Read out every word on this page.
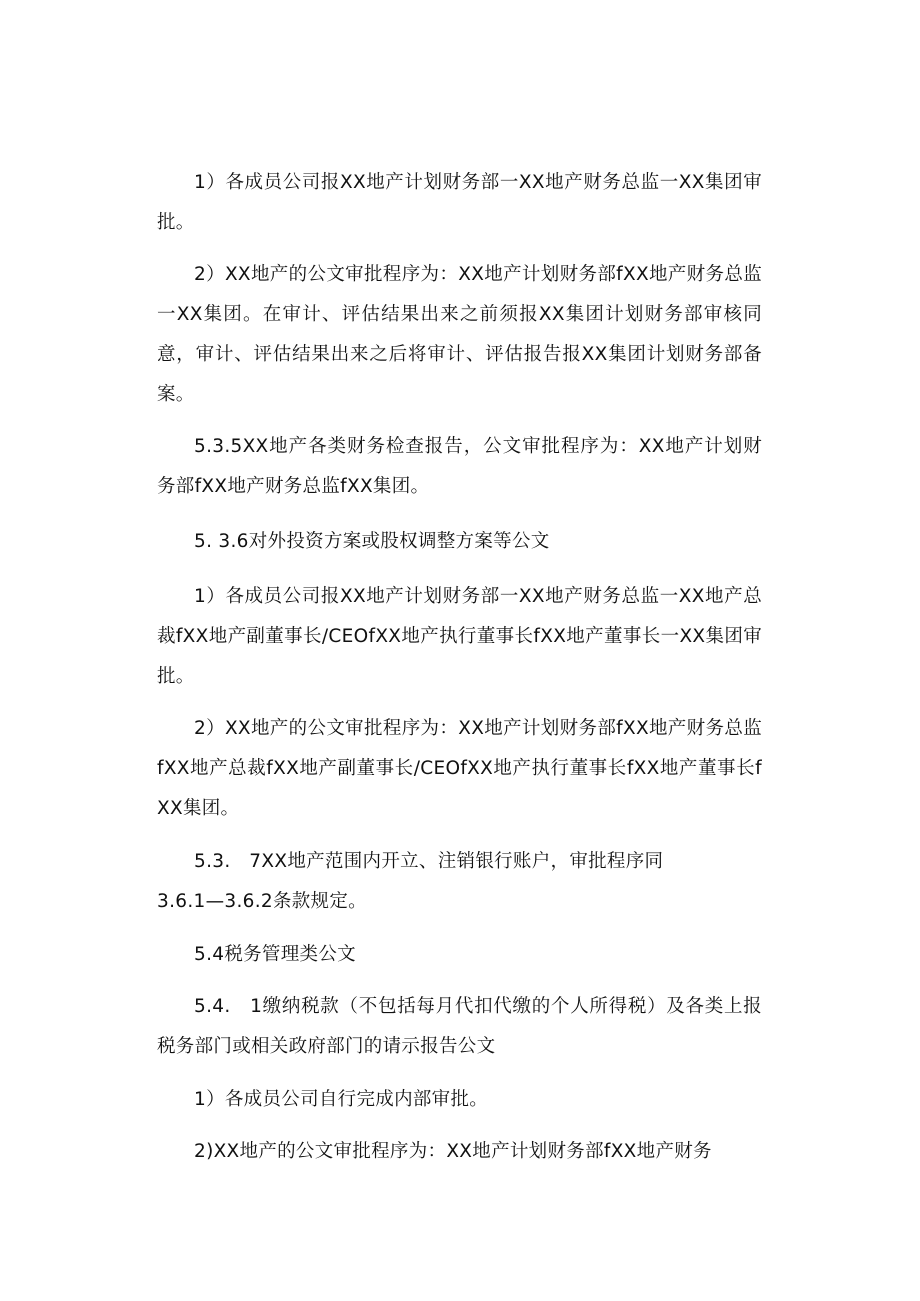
1）各成员公司报XX地产计划财务部一XX地产财务总监一XX集团审批。

2）XX地产的公文审批程序为：XX地产计划财务部fXX地产财务总监一XX集团。在审计、评估结果出来之前须报XX集团计划财务部审核同意，审计、评估结果出来之后将审计、评估报告报XX集团计划财务部备案。

5.3.5XX地产各类财务检查报告，公文审批程序为：XX地产计划财务部fXX地产财务总监fXX集团。

5. 3.6对外投资方案或股权调整方案等公文

1）各成员公司报XX地产计划财务部一XX地产财务总监一XX地产总裁fXX地产副董事长/CEOfXX地产执行董事长fXX地产董事长一XX集团审批。

2）XX地产的公文审批程序为：XX地产计划财务部fXX地产财务总监fXX地产总裁fXX地产副董事长/CEOfXX地产执行董事长fXX地产董事长fXX集团。

5.3.　7XX地产范围内开立、注销银行账户，审批程序同

3.6.1—3.6.2条款规定。

5.4税务管理类公文

5.4.　1缴纳税款（不包括每月代扣代缴的个人所得税）及各类上报税务部门或相关政府部门的请示报告公文

1）各成员公司自行完成内部审批。

2)XX地产的公文审批程序为：XX地产计划财务部fXX地产财务
